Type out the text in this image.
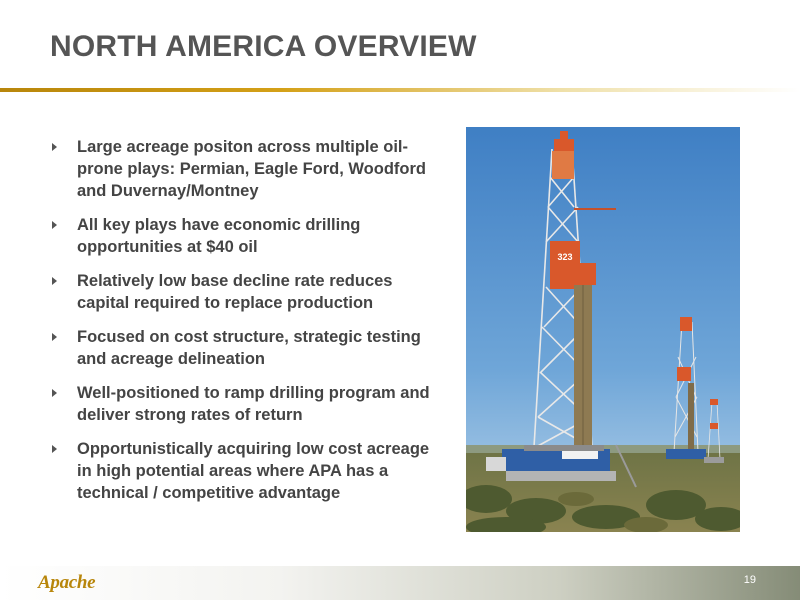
NORTH AMERICA OVERVIEW
Large acreage positon across multiple oil-prone plays: Permian, Eagle Ford, Woodford and Duvernay/Montney
All key plays have economic drilling opportunities at $40 oil
Relatively low base decline rate reduces capital required to replace production
Focused on cost structure, strategic testing and acreage delineation
Well-positioned to ramp drilling program and deliver strong rates of return
Opportunistically acquiring low cost acreage in high potential areas where APA has a technical / competitive advantage
323
Apache	19
